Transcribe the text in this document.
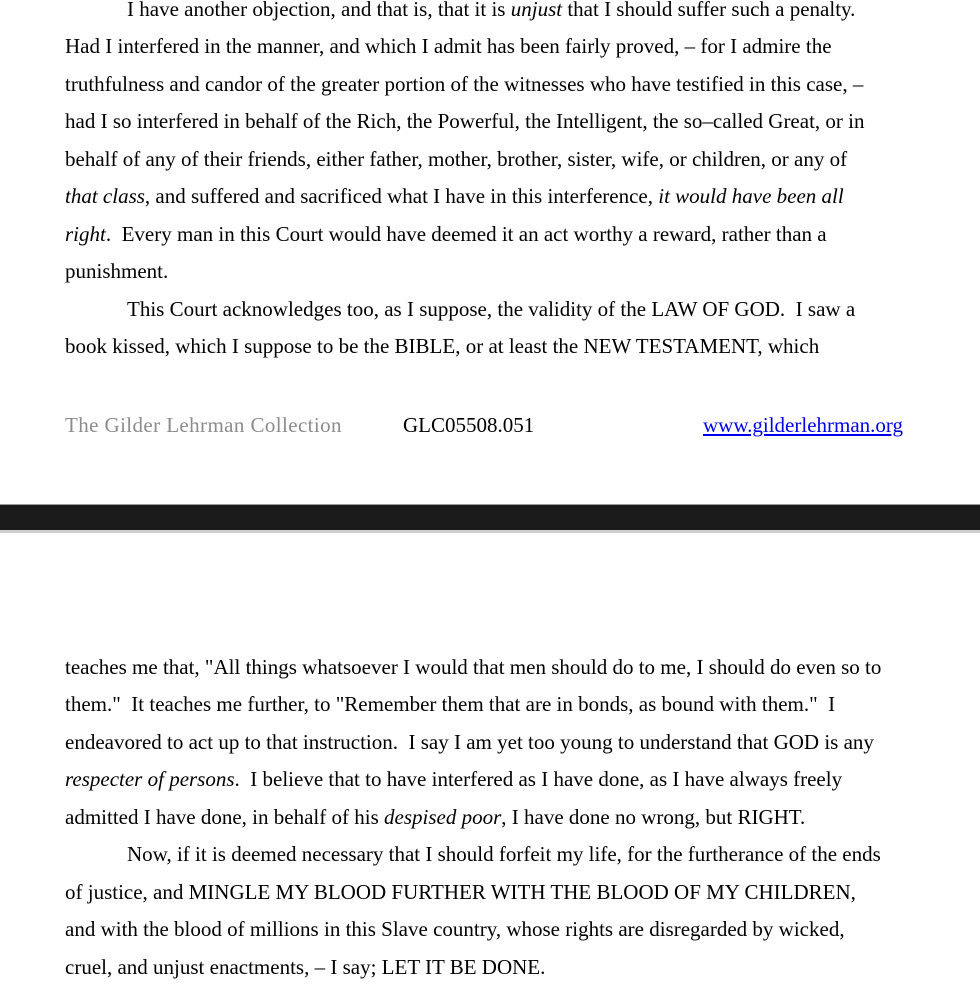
I have another objection, and that is, that it is unjust that I should suffer such a penalty.
Had I interfered in the manner, and which I admit has been fairly proved, – for I admire the
truthfulness and candor of the greater portion of the witnesses who have testified in this case, –
had I so interfered in behalf of the Rich, the Powerful, the Intelligent, the so–called Great, or in
behalf of any of their friends, either father, mother, brother, sister, wife, or children, or any of
that class, and suffered and sacrificed what I have in this interference, it would have been all
right.  Every man in this Court would have deemed it an act worthy a reward, rather than a
punishment.
This Court acknowledges too, as I suppose, the validity of the LAW OF GOD.  I saw a
book kissed, which I suppose to be the BIBLE, or at least the NEW TESTAMENT, which
The Gilder Lehrman Collection	GLC05508.051	www.gilderlehrman.org
teaches me that, "All things whatsoever I would that men should do to me, I should do even so to
them."  It teaches me further, to "Remember them that are in bonds, as bound with them."  I
endeavored to act up to that instruction.  I say I am yet too young to understand that GOD is any
respecter of persons.  I believe that to have interfered as I have done, as I have always freely
admitted I have done, in behalf of his despised poor, I have done no wrong, but RIGHT.
Now, if it is deemed necessary that I should forfeit my life, for the furtherance of the ends
of justice, and MINGLE MY BLOOD FURTHER WITH THE BLOOD OF MY CHILDREN,
and with the blood of millions in this Slave country, whose rights are disregarded by wicked,
cruel, and unjust enactments, – I say; LET IT BE DONE.
